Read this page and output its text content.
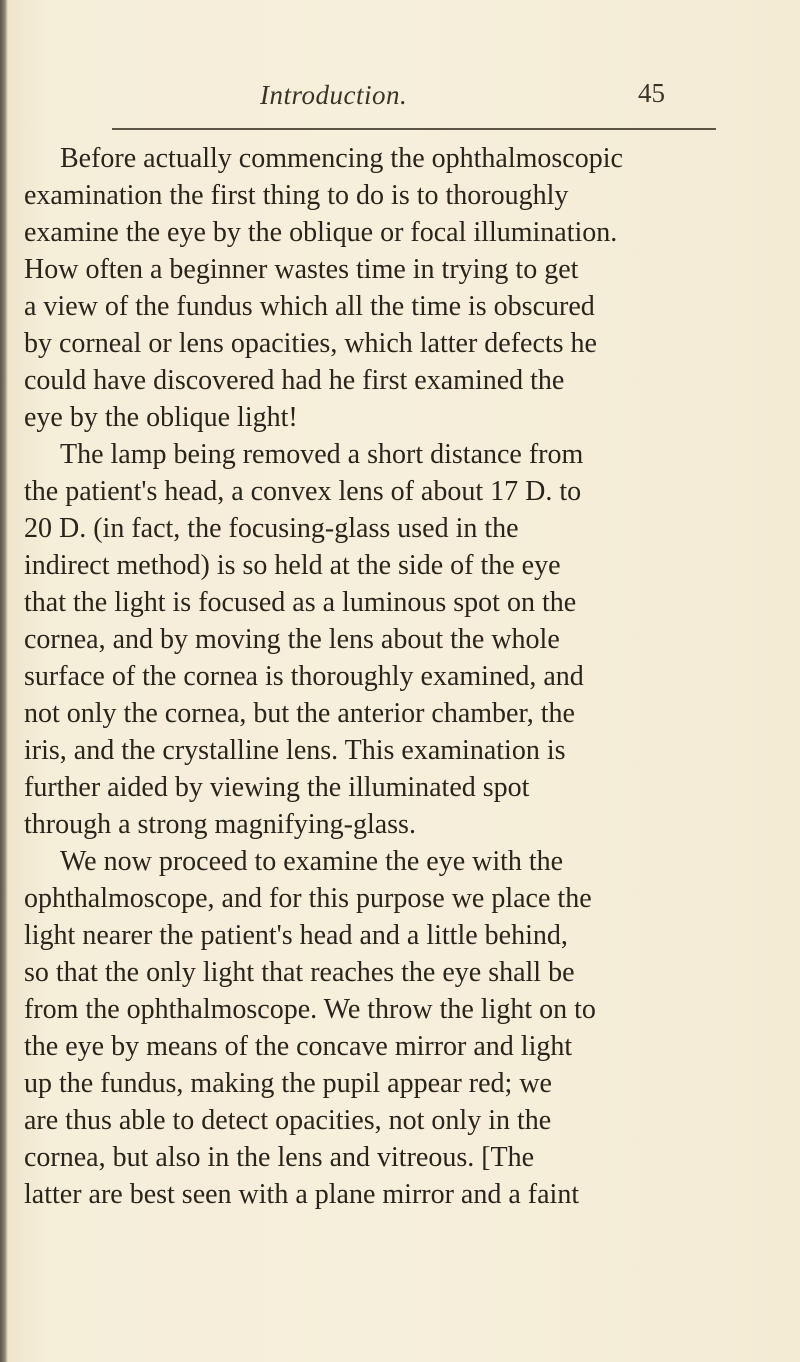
Introduction.	45
Before actually commencing the ophthalmoscopic
examination the first thing to do is to thoroughly
examine the eye by the oblique or focal illumination.
How often a beginner wastes time in trying to get
a view of the fundus which all the time is obscured
by corneal or lens opacities, which latter defects he
could have discovered had he first examined the
eye by the oblique light!
The lamp being removed a short distance from
the patient's head, a convex lens of about 17 D. to
20 D. (in fact, the focusing-glass used in the
indirect method) is so held at the side of the eye
that the light is focused as a luminous spot on the
cornea, and by moving the lens about the whole
surface of the cornea is thoroughly examined, and
not only the cornea, but the anterior chamber, the
iris, and the crystalline lens. This examination is
further aided by viewing the illuminated spot
through a strong magnifying-glass.
We now proceed to examine the eye with the
ophthalmoscope, and for this purpose we place the
light nearer the patient's head and a little behind,
so that the only light that reaches the eye shall be
from the ophthalmoscope. We throw the light on to
the eye by means of the concave mirror and light
up the fundus, making the pupil appear red; we
are thus able to detect opacities, not only in the
cornea, but also in the lens and vitreous. [The
latter are best seen with a plane mirror and a faint
